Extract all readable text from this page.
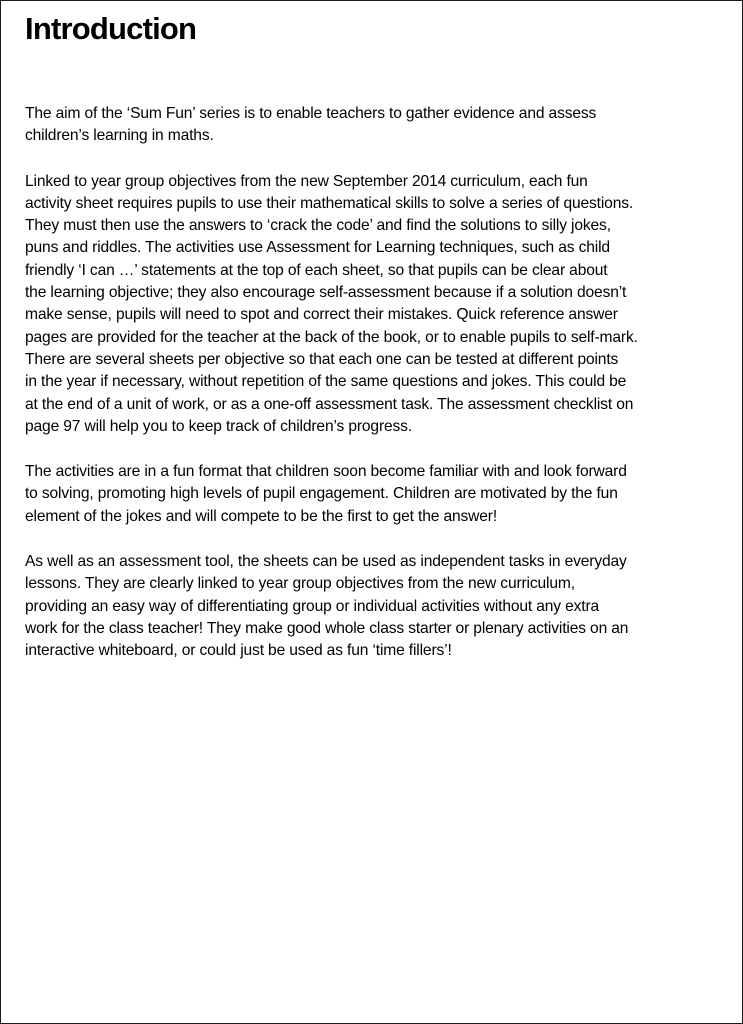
Introduction

The aim of the ‘Sum Fun’ series is to enable teachers to gather evidence and assess
children’s learning in maths.

Linked to year group objectives from the new September 2014 curriculum, each fun
activity sheet requires pupils to use their mathematical skills to solve a series of questions.
They must then use the answers to ‘crack the code’ and find the solutions to silly jokes,
puns and riddles. The activities use Assessment for Learning techniques, such as child
friendly ‘I can …’ statements at the top of each sheet, so that pupils can be clear about
the learning objective; they also encourage self-assessment because if a solution doesn’t
make sense, pupils will need to spot and correct their mistakes. Quick reference answer
pages are provided for the teacher at the back of the book, or to enable pupils to self-mark.
There are several sheets per objective so that each one can be tested at different points
in the year if necessary, without repetition of the same questions and jokes. This could be
at the end of a unit of work, or as a one-off assessment task. The assessment checklist on
page 97 will help you to keep track of children’s progress.

The activities are in a fun format that children soon become familiar with and look forward
to solving, promoting high levels of pupil engagement. Children are motivated by the fun
element of the jokes and will compete to be the first to get the answer!

As well as an assessment tool, the sheets can be used as independent tasks in everyday
lessons. They are clearly linked to year group objectives from the new curriculum,
providing an easy way of differentiating group or individual activities without any extra
work for the class teacher! They make good whole class starter or plenary activities on an
interactive whiteboard, or could just be used as fun ‘time fillers’!
